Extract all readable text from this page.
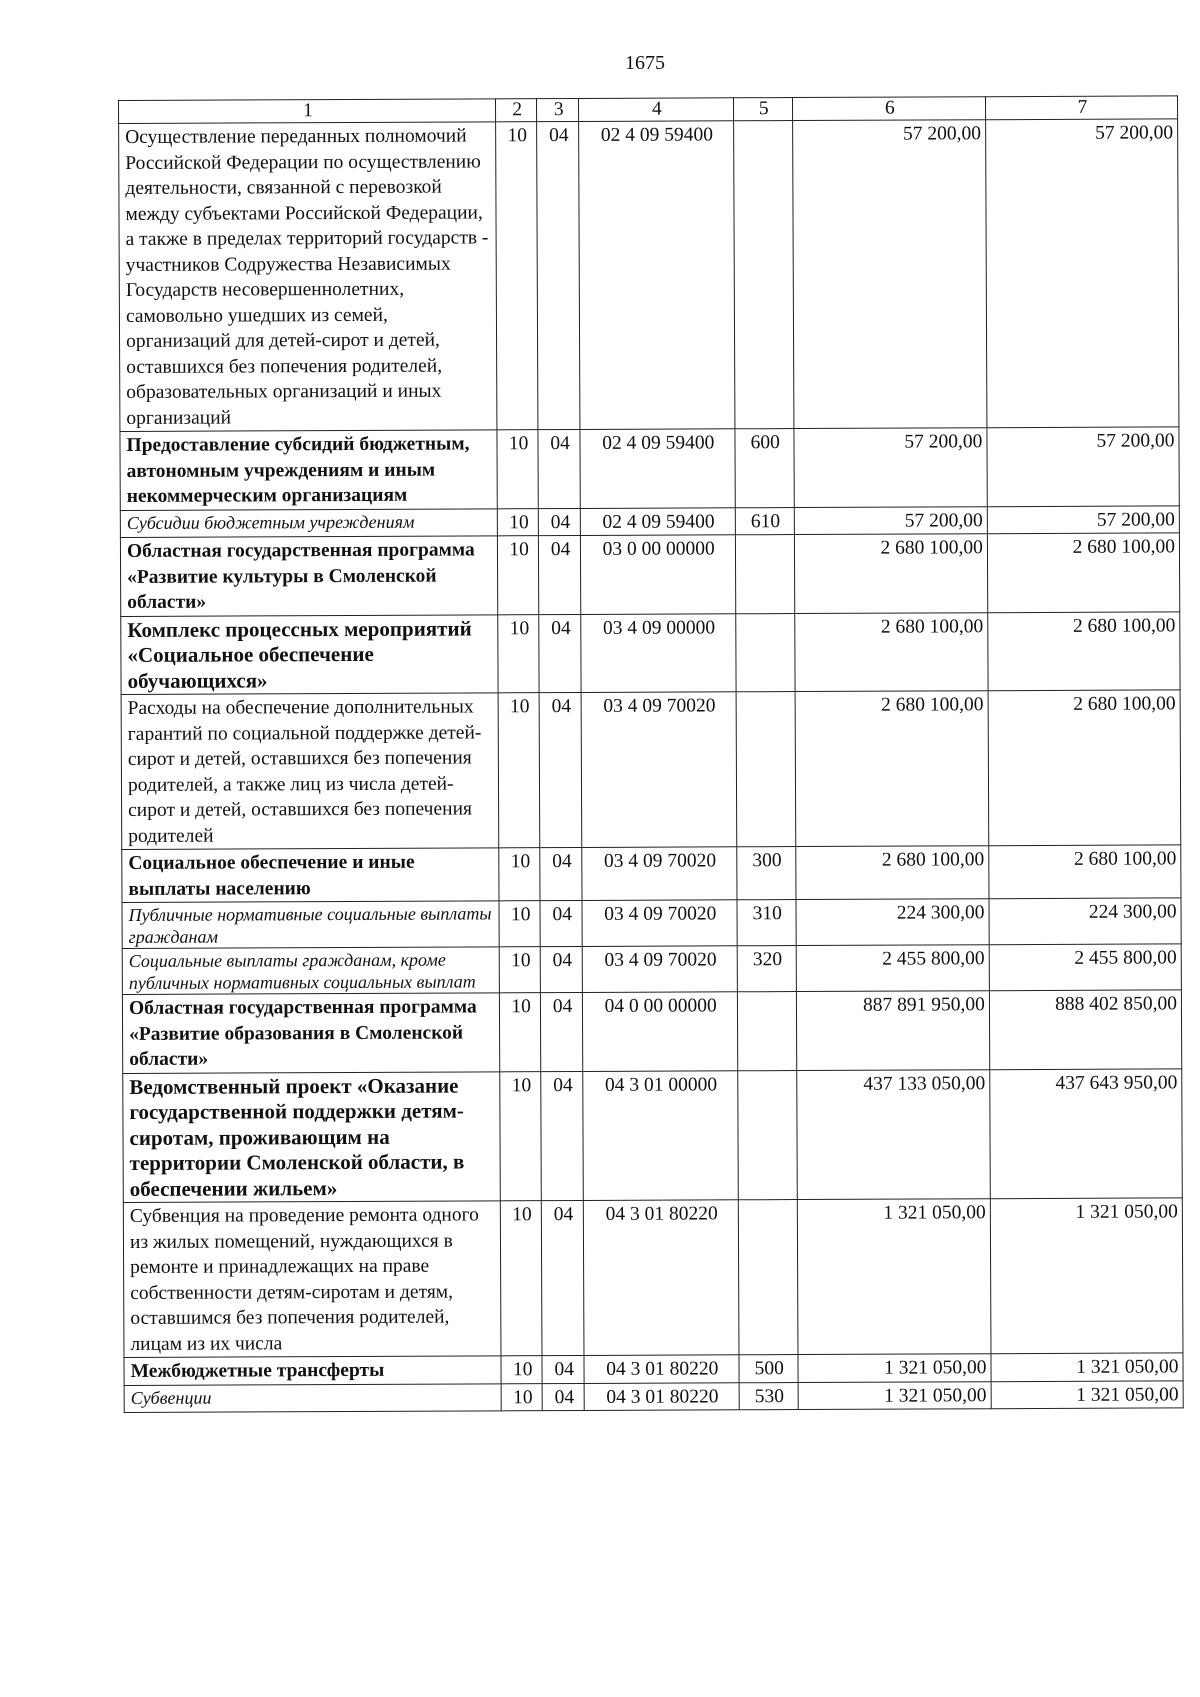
1675
1	2	3	4	5	6	7
Осуществление переданных полномочий Российской Федерации по осуществлению деятельности, связанной с перевозкой между субъектами Российской Федерации, а также в пределах территорий государств - участников Содружества Независимых Государств несовершеннолетних, самовольно ушедших из семей, организаций для детей-сирот и детей, оставшихся без попечения родителей, образовательных организаций и иных организаций	10	04	02 4 09 59400		57 200,00	57 200,00
Предоставление субсидий бюджетным, автономным учреждениям и иным некоммерческим организациям	10	04	02 4 09 59400	600	57 200,00	57 200,00
Субсидии бюджетным учреждениям	10	04	02 4 09 59400	610	57 200,00	57 200,00
Областная государственная программа «Развитие культуры в Смоленской области»	10	04	03 0 00 00000		2 680 100,00	2 680 100,00
Комплекс процессных мероприятий «Социальное обеспечение обучающихся»	10	04	03 4 09 00000		2 680 100,00	2 680 100,00
Расходы на обеспечение дополнительных гарантий по социальной поддержке детей-сирот и детей, оставшихся без попечения родителей, а также лиц из числа детей-сирот и детей, оставшихся без попечения родителей	10	04	03 4 09 70020		2 680 100,00	2 680 100,00
Социальное обеспечение и иные выплаты населению	10	04	03 4 09 70020	300	2 680 100,00	2 680 100,00
Публичные нормативные социальные выплаты гражданам	10	04	03 4 09 70020	310	224 300,00	224 300,00
Социальные выплаты гражданам, кроме публичных нормативных социальных выплат	10	04	03 4 09 70020	320	2 455 800,00	2 455 800,00
Областная государственная программа «Развитие образования в Смоленской области»	10	04	04 0 00 00000		887 891 950,00	888 402 850,00
Ведомственный проект «Оказание государственной поддержки детям-сиротам, проживающим на территории Смоленской области, в обеспечении жильем»	10	04	04 3 01 00000		437 133 050,00	437 643 950,00
Субвенция на проведение ремонта одного из жилых помещений, нуждающихся в ремонте и принадлежащих на праве собственности детям-сиротам и детям, оставшимся без попечения родителей, лицам из их числа	10	04	04 3 01 80220		1 321 050,00	1 321 050,00
Межбюджетные трансферты	10	04	04 3 01 80220	500	1 321 050,00	1 321 050,00
Субвенции	10	04	04 3 01 80220	530	1 321 050,00	1 321 050,00
